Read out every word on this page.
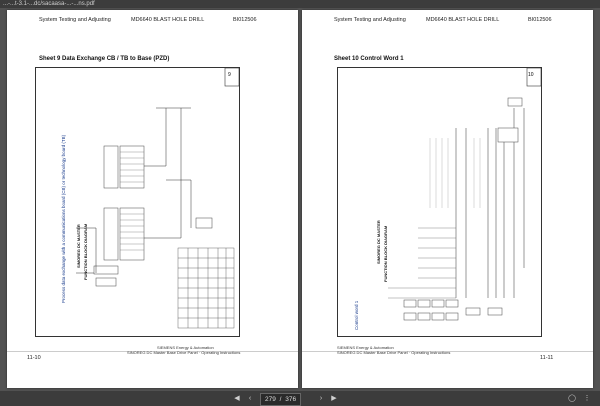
...-...t-3.1-...dc/sacaasa-...-...ns.pdf
System Testing and Adjusting	MD6640 BLAST HOLE DRILL	BI012506
Sheet 9 Data Exchange CB / TB to Base (PZD)
SIMOREG DC MASTER FUNCTION BLOCK DIAGRAM
Process data exchange with a communications board (CB) or technology board (TB)
9
11-10
SIEMENS Energy & Automation
SINOREG DC Master Base Drive Panel · Operating Instructions
System Testing and Adjusting	MD6640 BLAST HOLE DRILL	BI012506
Sheet 10 Control Word 1
SIMOREG DC MASTER FUNCTION BLOCK DIAGRAM
Control word 1
10
11-11
SIEMENS Energy & Automation
SINOREG DC Master Base Drive Panel · Operating Instructions
◀	‹	279 / 376	›	▶	◯ ⋮
